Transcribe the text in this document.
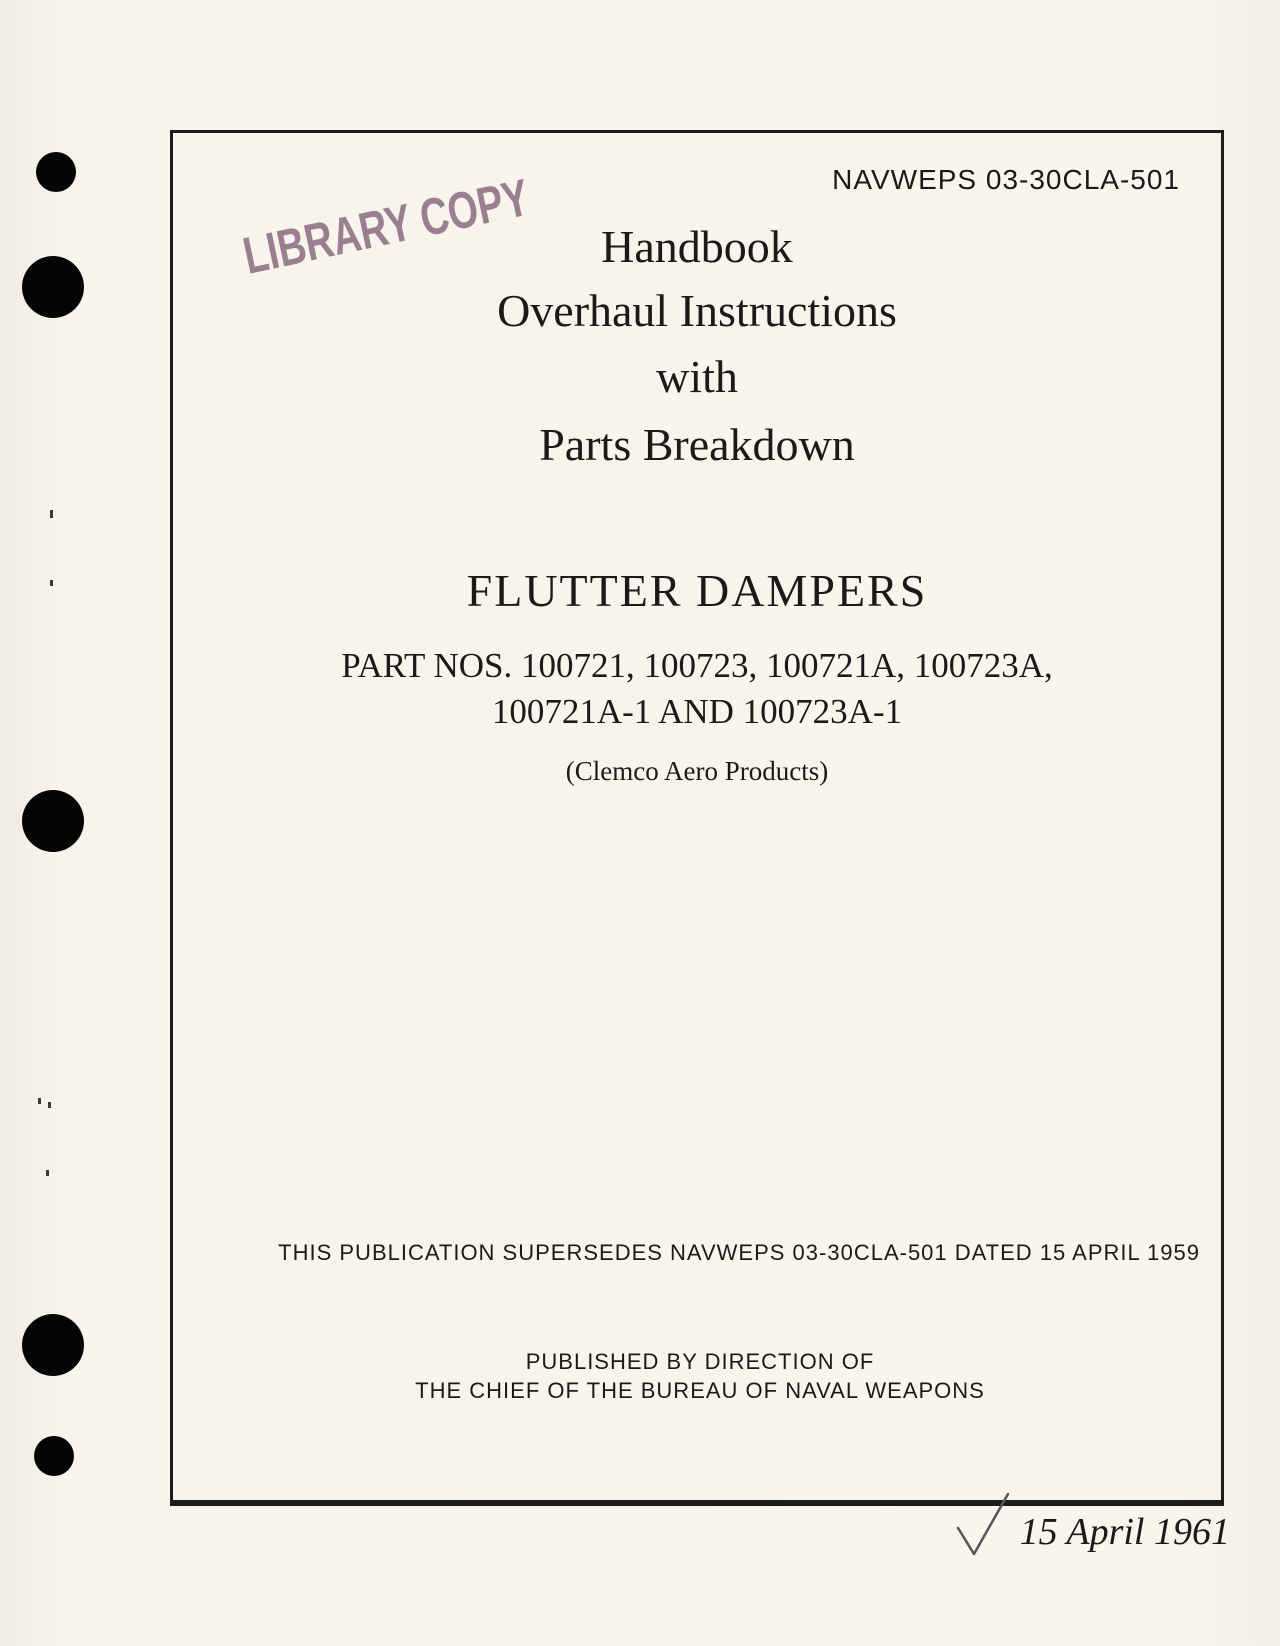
NAVWEPS 03-30CLA-501
LIBRARY COPY
Handbook
Overhaul Instructions
with
Parts Breakdown
FLUTTER DAMPERS
PART NOS. 100721, 100723, 100721A, 100723A,
100721A-1 AND 100723A-1
(Clemco Aero Products)
THIS PUBLICATION SUPERSEDES NAVWEPS 03-30CLA-501 DATED 15 APRIL 1959
PUBLISHED BY DIRECTION OF
THE CHIEF OF THE BUREAU OF NAVAL WEAPONS
15 April 1961
